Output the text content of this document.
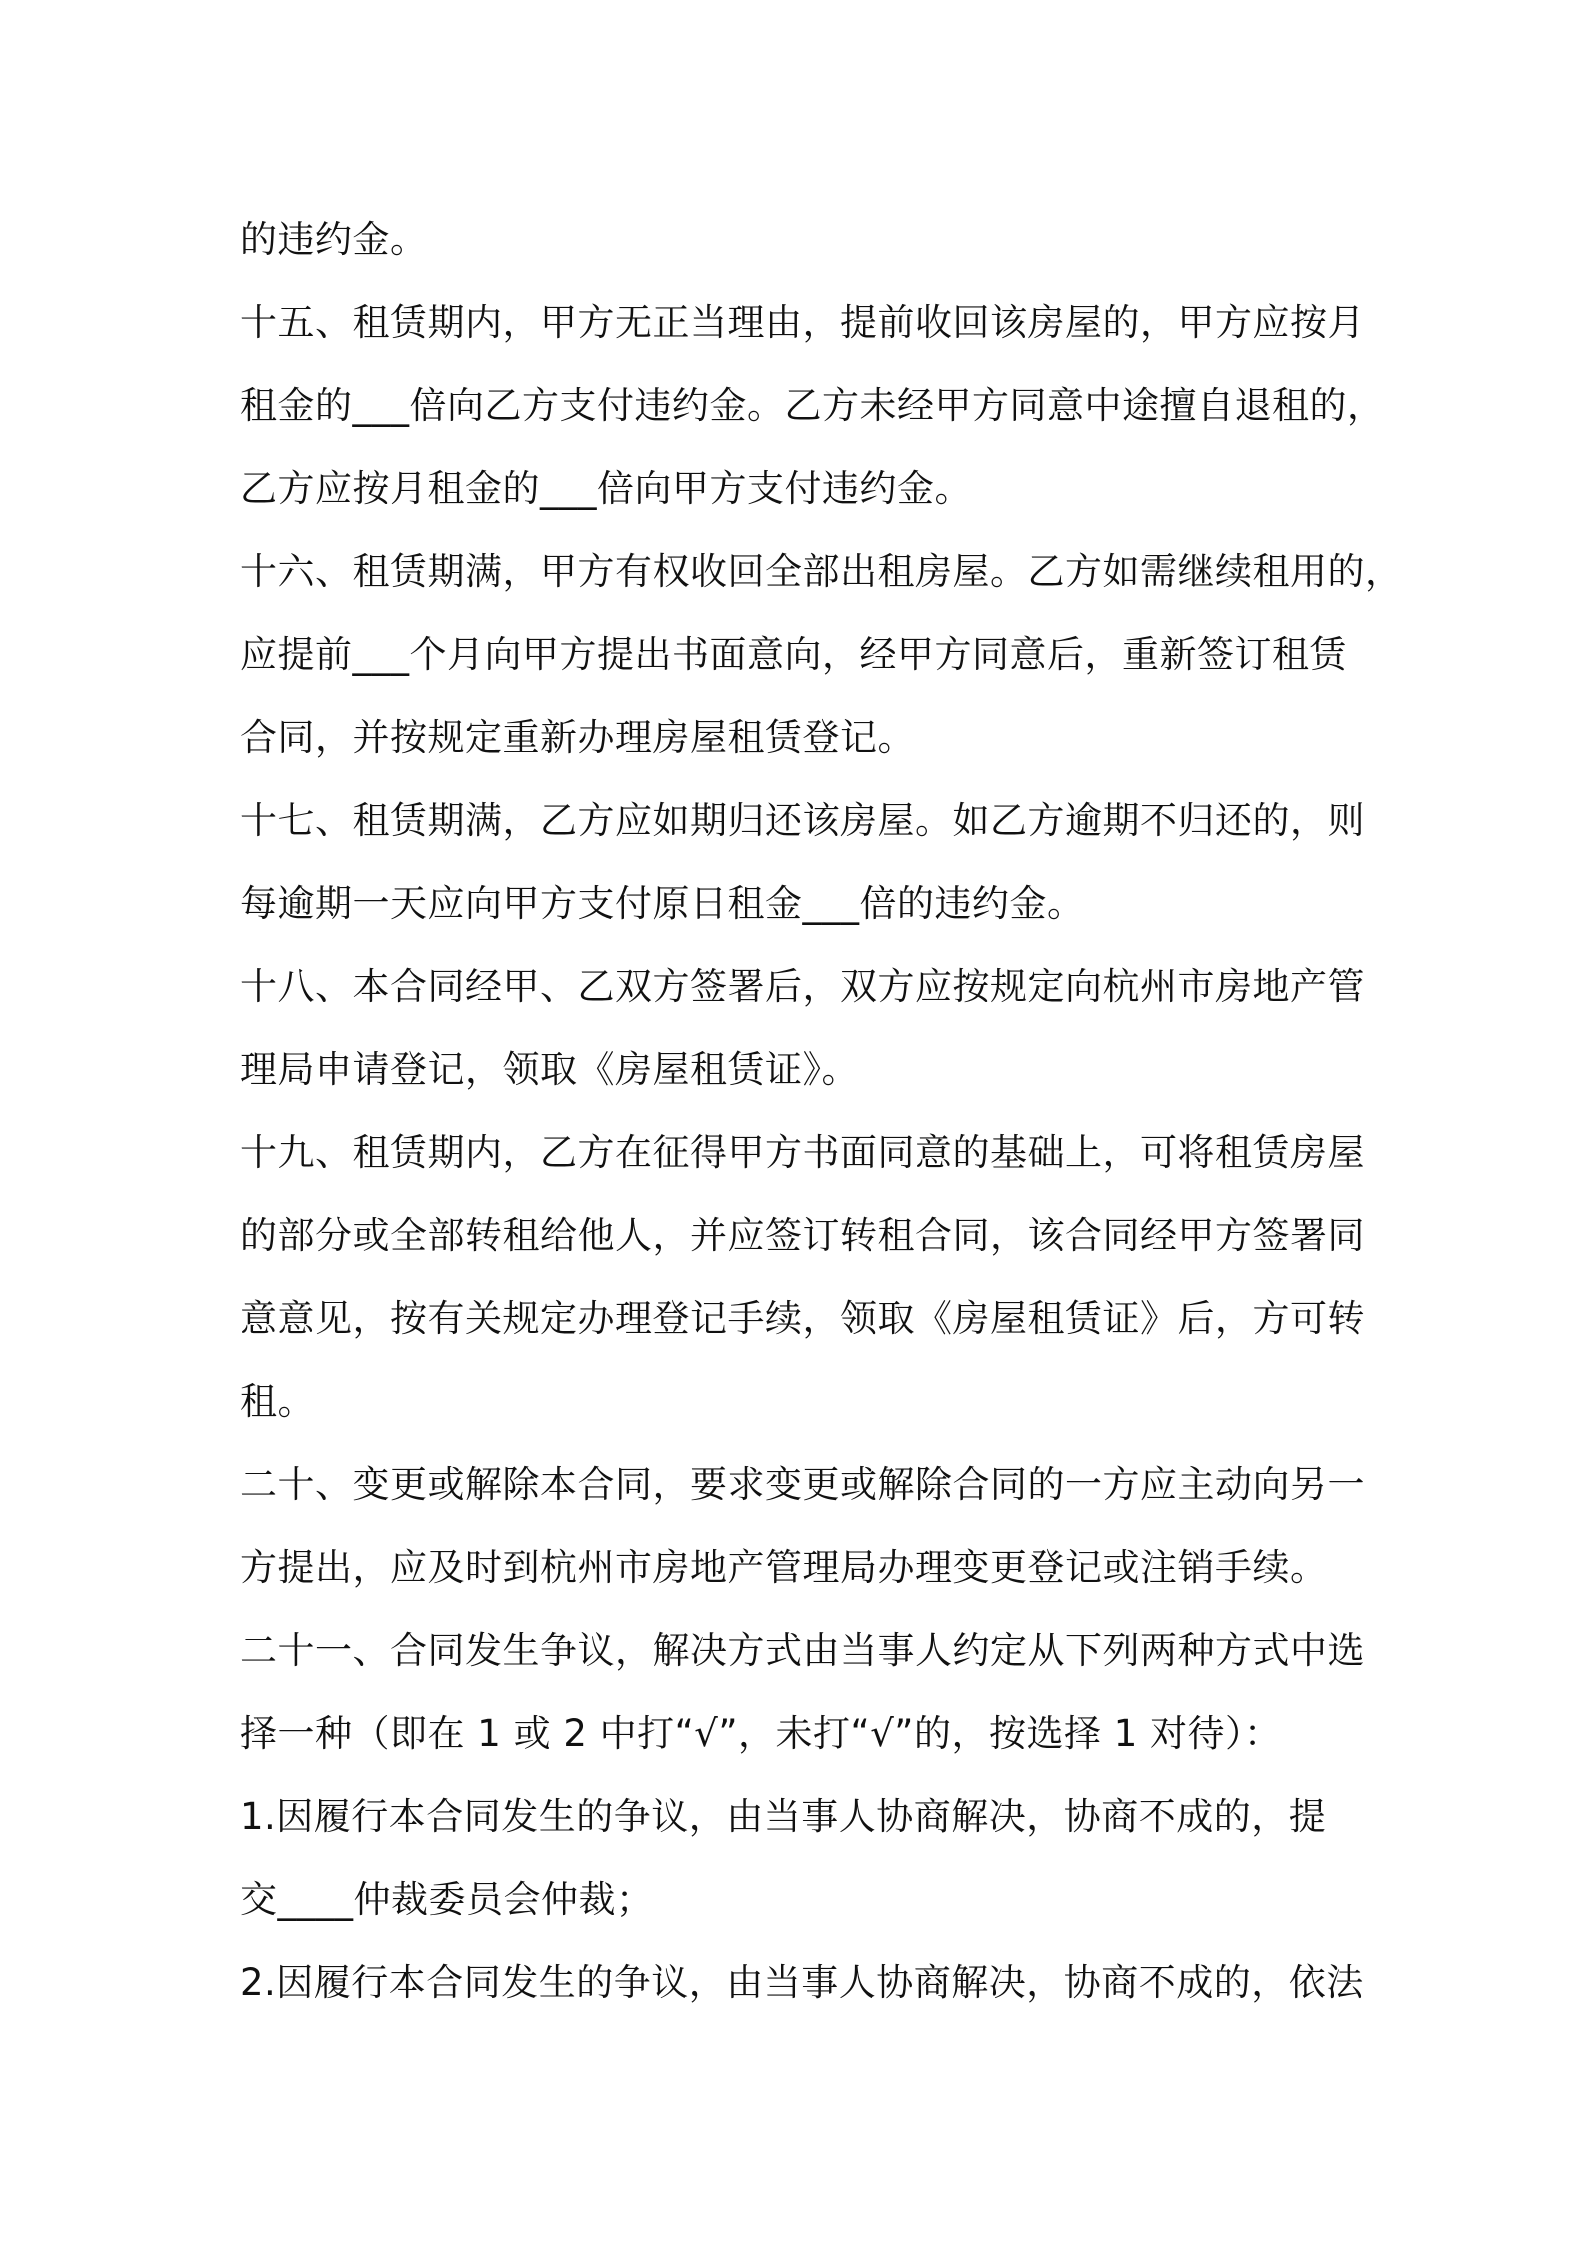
的违约金。
十五、租赁期内，甲方无正当理由，提前收回该房屋的，甲方应按月
租金的___倍向乙方支付违约金。乙方未经甲方同意中途擅自退租的，
乙方应按月租金的___倍向甲方支付违约金。
十六、租赁期满，甲方有权收回全部出租房屋。乙方如需继续租用的，
应提前___个月向甲方提出书面意向，经甲方同意后，重新签订租赁
合同，并按规定重新办理房屋租赁登记。
十七、租赁期满，乙方应如期归还该房屋。如乙方逾期不归还的，则
每逾期一天应向甲方支付原日租金___倍的违约金。
十八、本合同经甲、乙双方签署后，双方应按规定向杭州市房地产管
理局申请登记，领取《房屋租赁证》。
十九、租赁期内，乙方在征得甲方书面同意的基础上，可将租赁房屋
的部分或全部转租给他人，并应签订转租合同，该合同经甲方签署同
意意见，按有关规定办理登记手续，领取《房屋租赁证》后，方可转
租。
二十、变更或解除本合同，要求变更或解除合同的一方应主动向另一
方提出，应及时到杭州市房地产管理局办理变更登记或注销手续。
二十一、合同发生争议，解决方式由当事人约定从下列两种方式中选
择一种（即在 1 或 2 中打“√”，未打“√”的，按选择 1 对待）：
1.因履行本合同发生的争议，由当事人协商解决，协商不成的，提
交____仲裁委员会仲裁；
2.因履行本合同发生的争议，由当事人协商解决，协商不成的，依法
